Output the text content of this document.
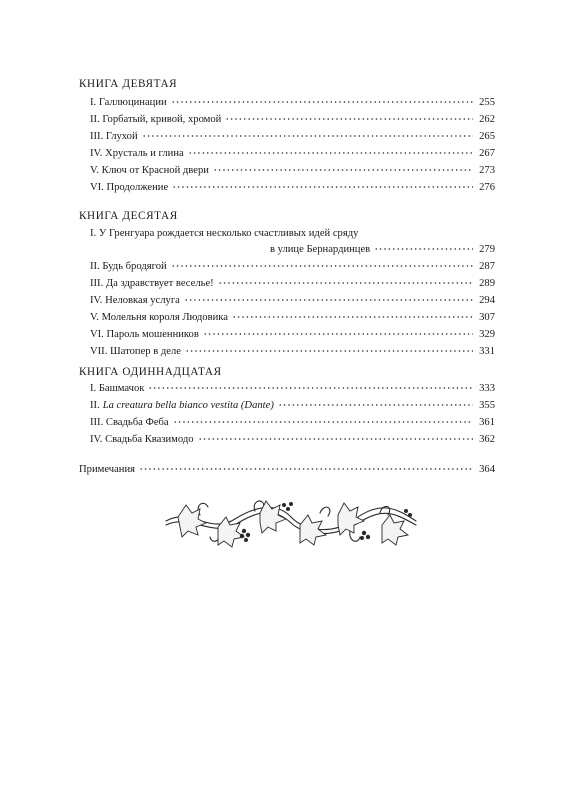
КНИГА ДЕВЯТАЯ
I. Галлюцинации	255
II. Горбатый, кривой, хромой	262
III. Глухой	265
IV. Хрусталь и глина	267
V. Ключ от Красной двери	273
VI. Продолжение	276
КНИГА ДЕСЯТАЯ
I. У Гренгуара рождается несколько счастливых идей сряду
в улице Бернардинцев	279
II. Будь бродягой	287
III. Да здравствует веселье!	289
IV. Неловкая услуга	294
V. Молельня короля Людовика	307
VI. Пароль мошенников	329
VII. Шатопер в деле	331
КНИГА ОДИННАДЦАТАЯ
I. Башмачок	333
II. La creatura bella bianco vestita (Dante)	355
III. Свадьба Феба	361
IV. Свадьба Квазимодо	362
Примечания	364
